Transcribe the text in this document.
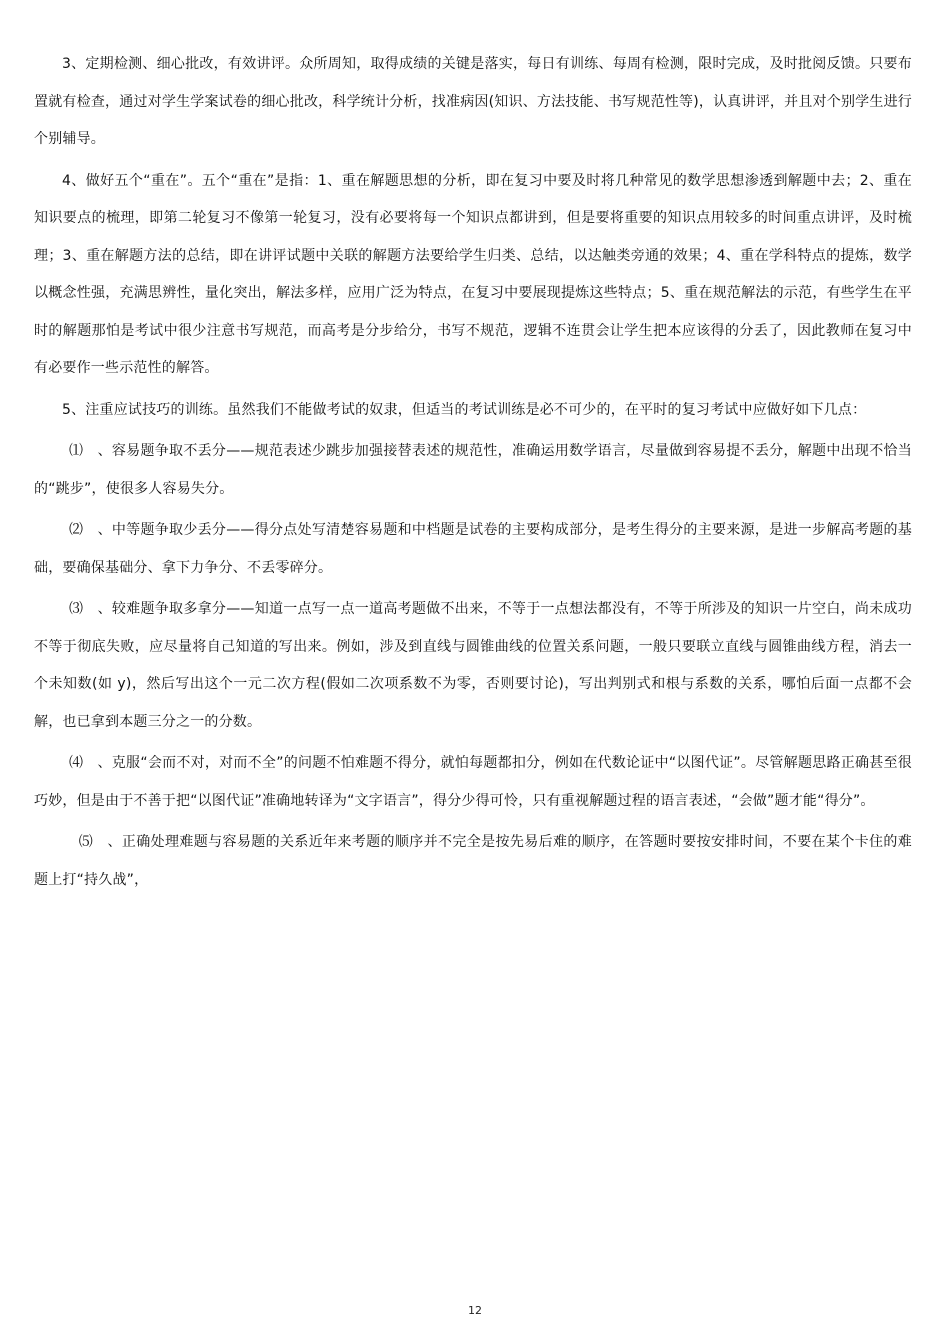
3、定期检测、细心批改，有效讲评。众所周知，取得成绩的关键是落实，每日有训练、每周有检测，限时完成，及时批阅反馈。只要布置就有检查，通过对学生学案试卷的细心批改，科学统计分析，找准病因(知识、方法技能、书写规范性等)，认真讲评，并且对个别学生进行个别辅导。

4、做好五个“重在”。五个“重在”是指：1、重在解题思想的分析，即在复习中要及时将几种常见的数学思想渗透到解题中去；2、重在知识要点的梳理，即第二轮复习不像第一轮复习，没有必要将每一个知识点都讲到，但是要将重要的知识点用较多的时间重点讲评，及时梳理；3、重在解题方法的总结，即在讲评试题中关联的解题方法要给学生归类、总结，以达触类旁通的效果；4、重在学科特点的提炼，数学以概念性强，充满思辨性，量化突出，解法多样，应用广泛为特点，在复习中要展现提炼这些特点；5、重在规范解法的示范，有些学生在平时的解题那怕是考试中很少注意书写规范，而高考是分步给分，书写不规范，逻辑不连贯会让学生把本应该得的分丢了，因此教师在复习中有必要作一些示范性的解答。

5、注重应试技巧的训练。虽然我们不能做考试的奴隶，但适当的考试训练是必不可少的，在平时的复习考试中应做好如下几点：

⑴　、容易题争取不丢分——规范表述少跳步加强接替表述的规范性，准确运用数学语言，尽量做到容易提不丢分，解题中出现不恰当的“跳步”，使很多人容易失分。

⑵　、中等题争取少丢分——得分点处写清楚容易题和中档题是试卷的主要构成部分，是考生得分的主要来源，是进一步解高考题的基础，要确保基础分、拿下力争分、不丢零碎分。

⑶　、较难题争取多拿分——知道一点写一点一道高考题做不出来，不等于一点想法都没有，不等于所涉及的知识一片空白，尚未成功不等于彻底失败，应尽量将自己知道的写出来。例如，涉及到直线与圆锥曲线的位置关系问题，一般只要联立直线与圆锥曲线方程，消去一个未知数(如 y)，然后写出这个一元二次方程(假如二次项系数不为零，否则要讨论)，写出判别式和根与系数的关系，哪怕后面一点都不会解，也已拿到本题三分之一的分数。

⑷　、克服“会而不对，对而不全”的问题不怕难题不得分，就怕每题都扣分，例如在代数论证中“以图代证”。尽管解题思路正确甚至很巧妙，但是由于不善于把“以图代证”准确地转译为“文字语言”，得分少得可怜，只有重视解题过程的语言表述，“会做”题才能“得分”。

⑸　、正确处理难题与容易题的关系近年来考题的顺序并不完全是按先易后难的顺序，在答题时要按安排时间，不要在某个卡住的难题上打“持久战”，

12
